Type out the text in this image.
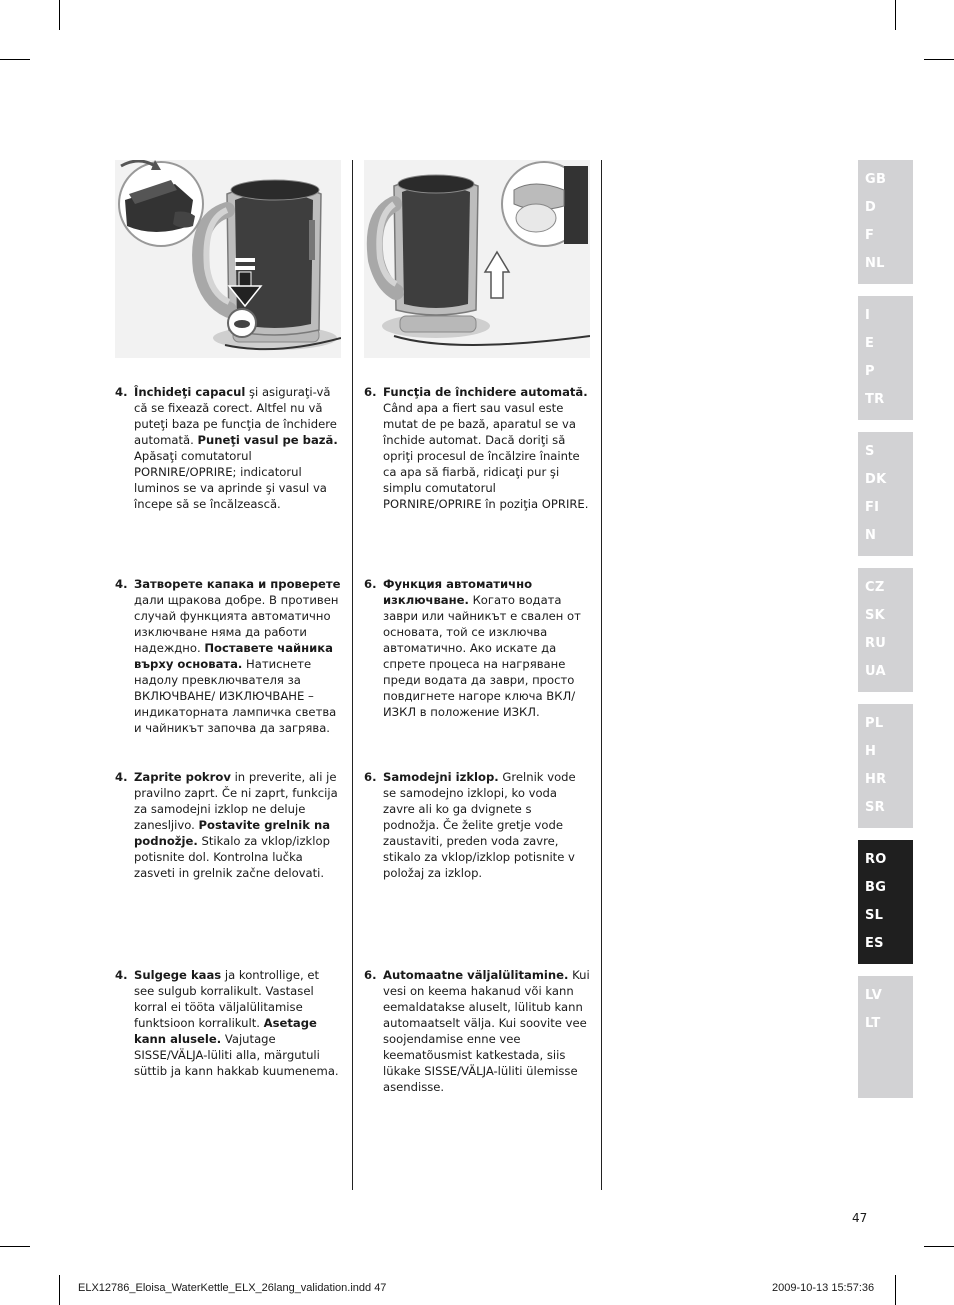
4. Închideţi capacul şi asiguraţi-vă că se fixează corect. Altfel nu vă puteţi baza pe funcţia de închidere automată. Puneţi vasul pe bază. Apăsaţi comutatorul PORNIRE/OPRIRE; indicatorul luminos se va aprinde şi vasul va începe să se încălzească.
6. Funcţia de închidere automată. Când apa a fiert sau vasul este mutat de pe bază, aparatul se va închide automat. Dacă doriţi să opriţi procesul de încălzire înainte ca apa să fiarbă, ridicaţi pur şi simplu comutatorul PORNIRE/OPRIRE în poziţia OPRIRE.
4. Затворете капака и проверете дали щракова добре. В противен случай функцията автоматично изключване няма да работи надеждно. Поставете чайника върху основата. Натиснете надолу превключвателя за ВКЛЮЧВАНЕ/ ИЗКЛЮЧВАНЕ – индикаторната лампичка светва и чайникът започва да загрява.
6. Функция автоматично изключване. Когато водата заври или чайникът е свален от основата, той се изключва автоматично. Ако искате да спрете процеса на нагряване преди водата да заври, просто повдигнете нагоре ключа ВКЛ/ИЗКЛ в положение ИЗКЛ.
4. Zaprite pokrov in preverite, ali je pravilno zaprt. Če ni zaprt, funkcija za samodejni izklop ne deluje zanesljivo. Postavite grelnik na podnožje. Stikalo za vklop/izklop potisnite dol. Kontrolna lučka zasveti in grelnik začne delovati.
6. Samodejni izklop. Grelnik vode se samodejno izklopi, ko voda zavre ali ko ga dvignete s podnožja. Če želite gretje vode zaustaviti, preden voda zavre, stikalo za vklop/izklop potisnite v položaj za izklop.
4. Sulgege kaas ja kontrollige, et see sulgub korralikult. Vastasel korral ei tööta väljalülitamise funktsioon korralikult. Asetage kann alusele. Vajutage SISSE/VÄLJA-lüliti alla, märgutuli süttib ja kann hakkab kuumenema.
6. Automaatne väljalülitamine. Kui vesi on keema hakanud või kann eemaldatakse aluselt, lülitub kann automaatselt välja. Kui soovite vee soojendamise enne vee keematõusmist katkestada, siis lükake SISSE/VÄLJA-lüliti ülemisse asendisse.
GB
D
F
NL
I
E
P
TR
S
DK
FI
N
CZ
SK
RU
UA
PL
H
HR
SR
RO
BG
SL
ES
LV
LT
47
ELX12786_Eloisa_WaterKettle_ELX_26lang_validation.indd 47	2009-10-13 15:57:36
